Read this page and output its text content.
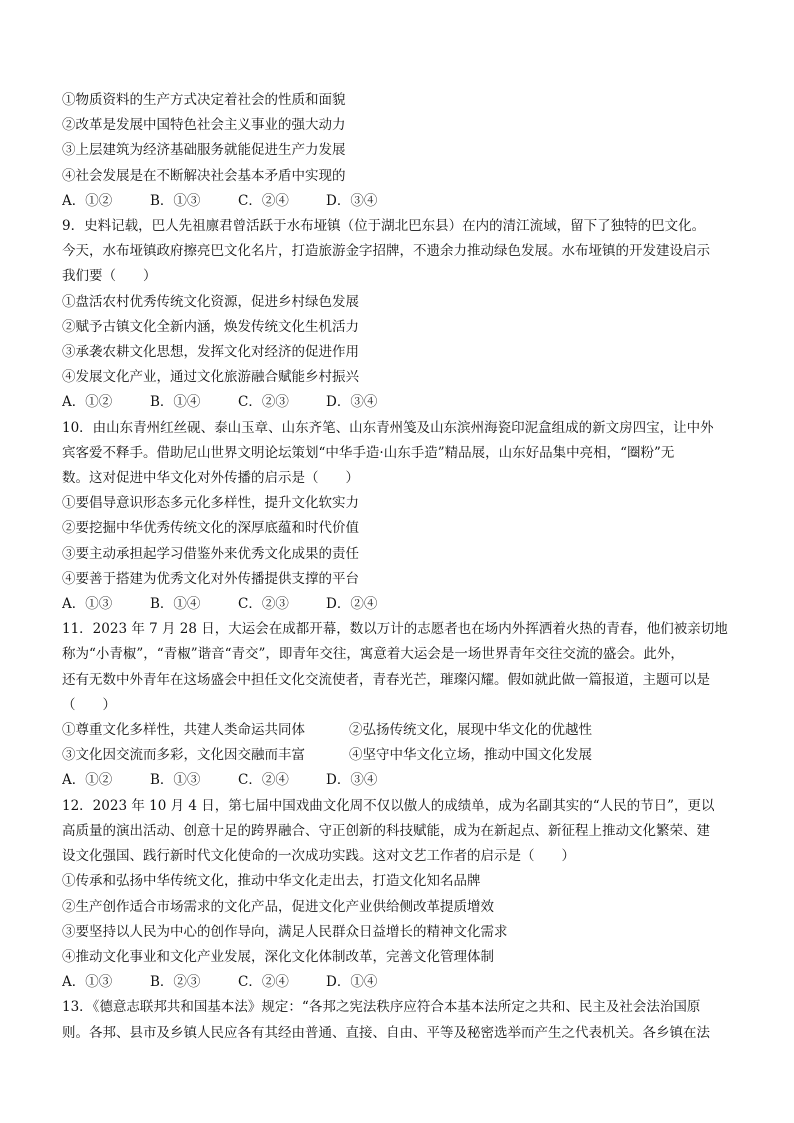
①物质资料的生产方式决定着社会的性质和面貌
②改革是发展中国特色社会主义事业的强大动力
③上层建筑为经济基础服务就能促进生产力发展
④社会发展是在不断解决社会基本矛盾中实现的
A．①②	B．①③	C．②④	D．③④
9．史料记载，巴人先祖廪君曾活跃于水布垭镇（位于湖北巴东县）在内的清江流域，留下了独特的巴文化。
今天，水布垭镇政府擦亮巴文化名片，打造旅游金字招牌，不遗余力推动绿色发展。水布垭镇的开发建设启示
我们要（　　）
①盘活农村优秀传统文化资源，促进乡村绿色发展
②赋予古镇文化全新内涵，焕发传统文化生机活力
③承袭农耕文化思想，发挥文化对经济的促进作用
④发展文化产业，通过文化旅游融合赋能乡村振兴
A．①②	B．①④	C．②③	D．③④
10．由山东青州红丝砚、泰山玉章、山东齐笔、山东青州笺及山东滨州海瓷印泥盒组成的新文房四宝，让中外
宾客爱不释手。借助尼山世界文明论坛策划“中华手造·山东手造”精品展，山东好品集中亮相，“圈粉”无
数。这对促进中华文化对外传播的启示是（　　）
①要倡导意识形态多元化多样性，提升文化软实力
②要挖掘中华优秀传统文化的深厚底蕴和时代价值
③要主动承担起学习借鉴外来优秀文化成果的责任
④要善于搭建为优秀文化对外传播提供支撑的平台
A．①③	B．①④	C．②③	D．②④
11．2023 年 7 月 28 日，大运会在成都开幕，数以万计的志愿者也在场内外挥洒着火热的青春，他们被亲切地
称为“小青椒”，“青椒”谐音“青交”，即青年交往，寓意着大运会是一场世界青年交往交流的盛会。此外，
还有无数中外青年在这场盛会中担任文化交流使者，青春光芒，璀璨闪耀。假如就此做一篇报道，主题可以是
（　　）
①尊重文化多样性，共建人类命运共同体	②弘扬传统文化，展现中华文化的优越性
③文化因交流而多彩，文化因交融而丰富	④坚守中华文化立场，推动中国文化发展
A．①②	B．①③	C．②④	D．③④
12．2023 年 10 月 4 日，第七届中国戏曲文化周不仅以傲人的成绩单，成为名副其实的“人民的节日”，更以
高质量的演出活动、创意十足的跨界融合、守正创新的科技赋能，成为在新起点、新征程上推动文化繁荣、建
设文化强国、践行新时代文化使命的一次成功实践。这对文艺工作者的启示是（　　）
①传承和弘扬中华传统文化，推动中华文化走出去，打造文化知名品牌
②生产创作适合市场需求的文化产品，促进文化产业供给侧改革提质增效
③要坚持以人民为中心的创作导向，满足人民群众日益增长的精神文化需求
④推动文化事业和文化产业发展，深化文化体制改革，完善文化管理体制
A．①③	B．②③	C．②④	D．①④
13．《德意志联邦共和国基本法》规定：“各邦之宪法秩序应符合本基本法所定之共和、民主及社会法治国原
则。各邦、县市及乡镇人民应各有其经由普通、直接、自由、平等及秘密选举而产生之代表机关。各乡镇在法
